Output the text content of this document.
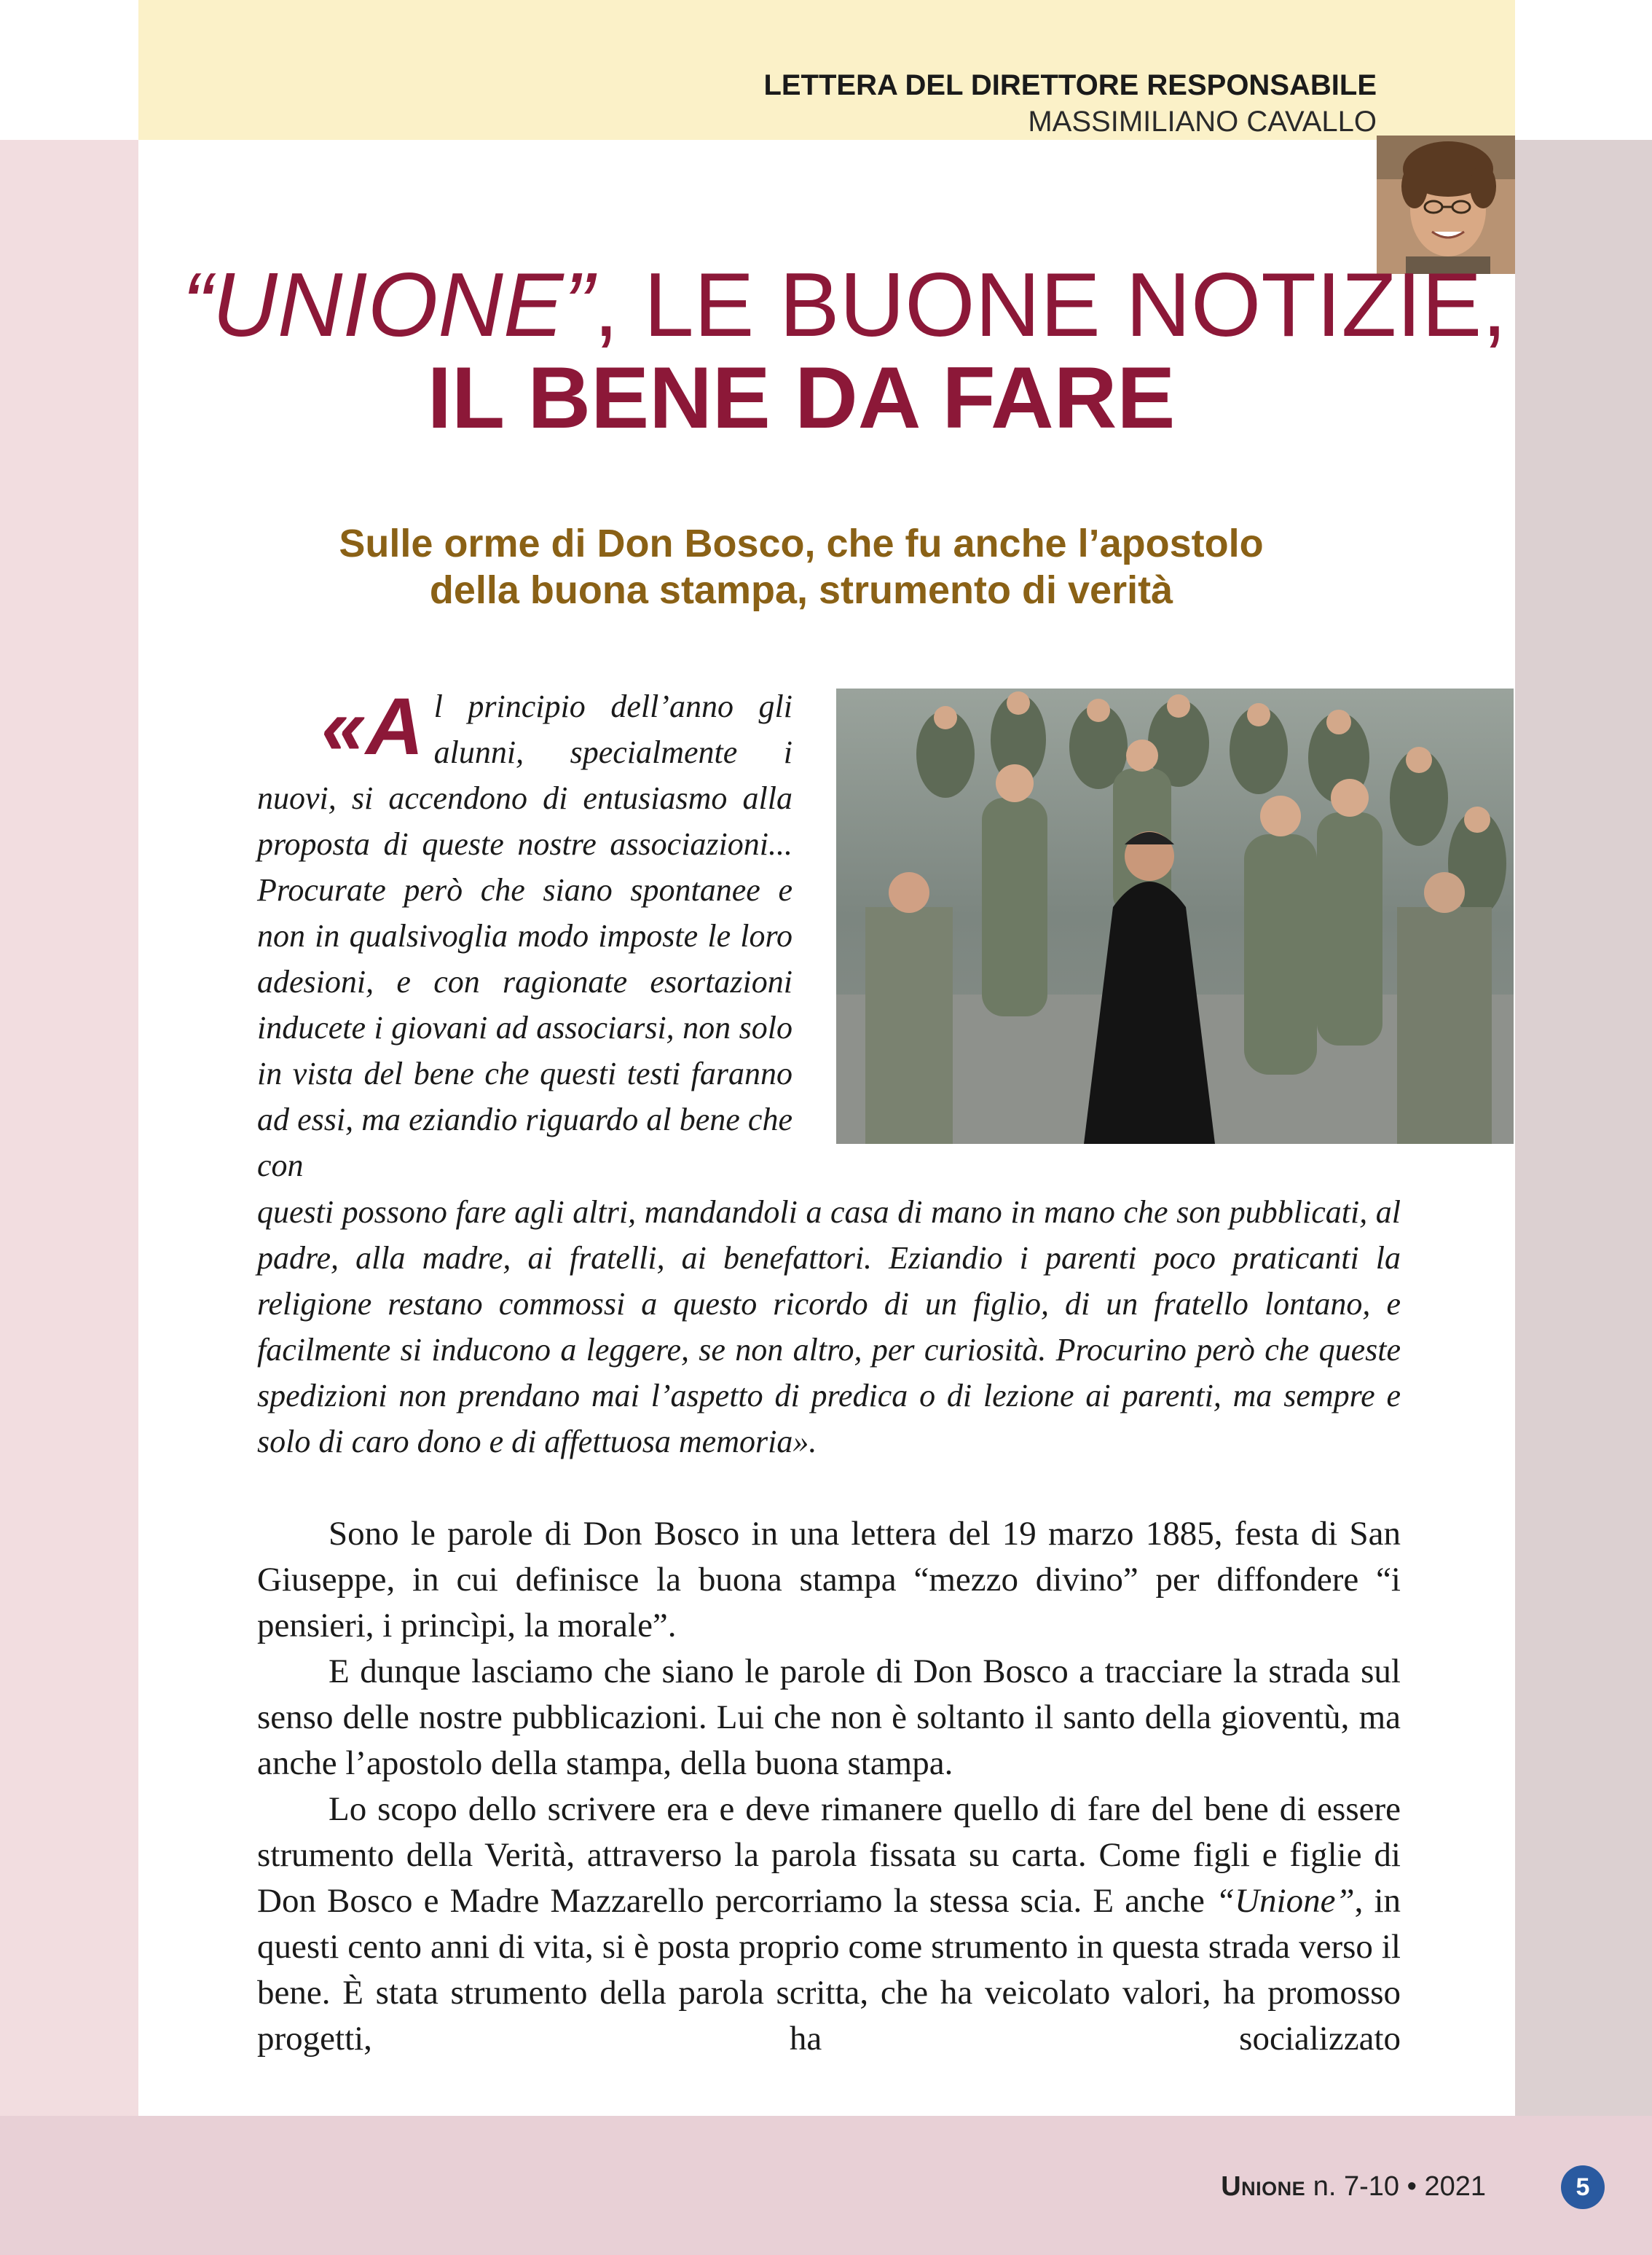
LETTERA DEL DIRETTORE RESPONSABILE
MASSIMILIANO CAVALLO
“UNIONE”, LE BUONE NOTIZIE,
IL BENE DA FARE
Sulle orme di Don Bosco, che fu anche l’apostolo
della buona stampa, strumento di verità
«A l principio dell’anno gli alunni, specialmente i nuovi, si accendono di entusiasmo alla proposta di queste nostre associazioni... Procurate però che siano spontanee e non in qualsivoglia modo imposte le loro adesioni, e con ragionate esortazioni inducete i giovani ad associarsi, non solo in vista del bene che questi testi faranno ad essi, ma eziandio riguardo al bene che con

questi possono fare agli altri, mandandoli a casa di mano in mano che son pubblicati, al padre, alla madre, ai fratelli, ai benefattori. Eziandio i parenti poco praticanti la religione restano commossi a questo ricordo di un figlio, di un fratello lontano, e facilmente si inducono a leggere, se non altro, per curiosità. Procurino però che queste spedizioni non prendano mai l’aspetto di predica o di lezione ai parenti, ma sempre e solo di caro dono e di affettuosa memoria».

Sono le parole di Don Bosco in una lettera del 19 marzo 1885, festa di San Giuseppe, in cui definisce la buona stampa “mezzo divino” per diffondere “i pensieri, i princìpi, la morale”.

E dunque lasciamo che siano le parole di Don Bosco a tracciare la strada sul senso delle nostre pubblicazioni. Lui che non è soltanto il santo della gioventù, ma anche l’apostolo della stampa, della buona stampa.

Lo scopo dello scrivere era e deve rimanere quello di fare del bene di essere strumento della Verità, attraverso la parola fissata su carta. Come figli e figlie di Don Bosco e Madre Mazzarello percorriamo la stessa scia. E anche “Unione”, in questi cento anni di vita, si è posta proprio come strumento in questa strada verso il bene. È stata strumento della parola scritta, che ha veicolato valori, ha promosso progetti, ha socializzato

Unione n. 7-10 • 2021	5
